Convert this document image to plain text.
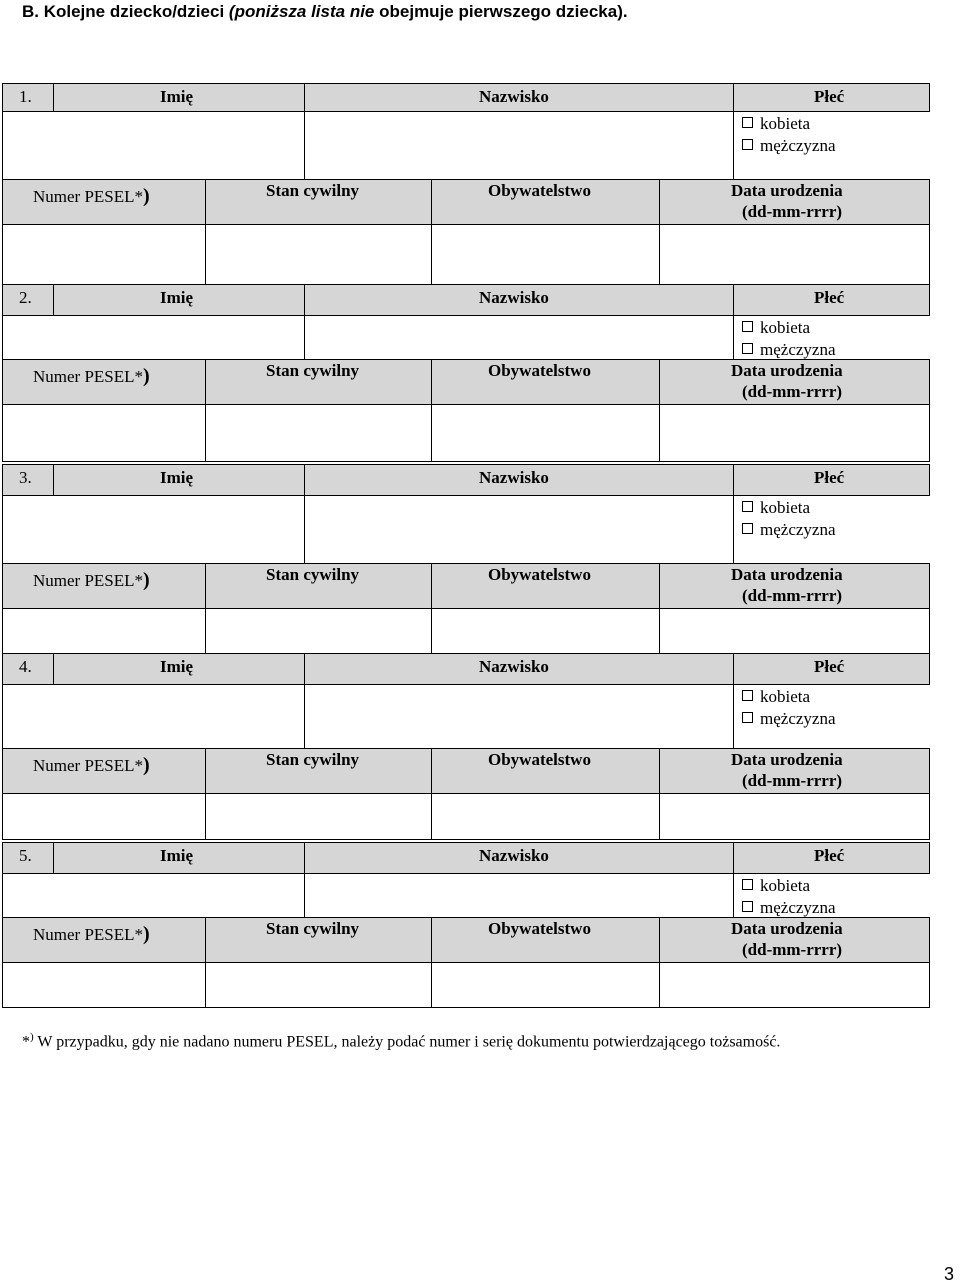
B. Kolejne dziecko/dzieci (poniższa lista nie obejmuje pierwszego dziecka).
1.	Imię	Nazwisko	Płeć
kobieta
mężczyzna
Numer PESEL*)	Stan cywilny	Obywatelstwo	Data urodzenia
(dd-mm-rrrr)
2.	Imię	Nazwisko	Płeć
kobieta
mężczyzna
Numer PESEL*)	Stan cywilny	Obywatelstwo	Data urodzenia
(dd-mm-rrrr)
3.	Imię	Nazwisko	Płeć
kobieta
mężczyzna
Numer PESEL*)	Stan cywilny	Obywatelstwo	Data urodzenia
(dd-mm-rrrr)
4.	Imię	Nazwisko	Płeć
kobieta
mężczyzna
Numer PESEL*)	Stan cywilny	Obywatelstwo	Data urodzenia
(dd-mm-rrrr)
5.	Imię	Nazwisko	Płeć
kobieta
mężczyzna
Numer PESEL*)	Stan cywilny	Obywatelstwo	Data urodzenia
(dd-mm-rrrr)
*) W przypadku, gdy nie nadano numeru PESEL, należy podać numer i serię dokumentu potwierdzającego tożsamość.
3
